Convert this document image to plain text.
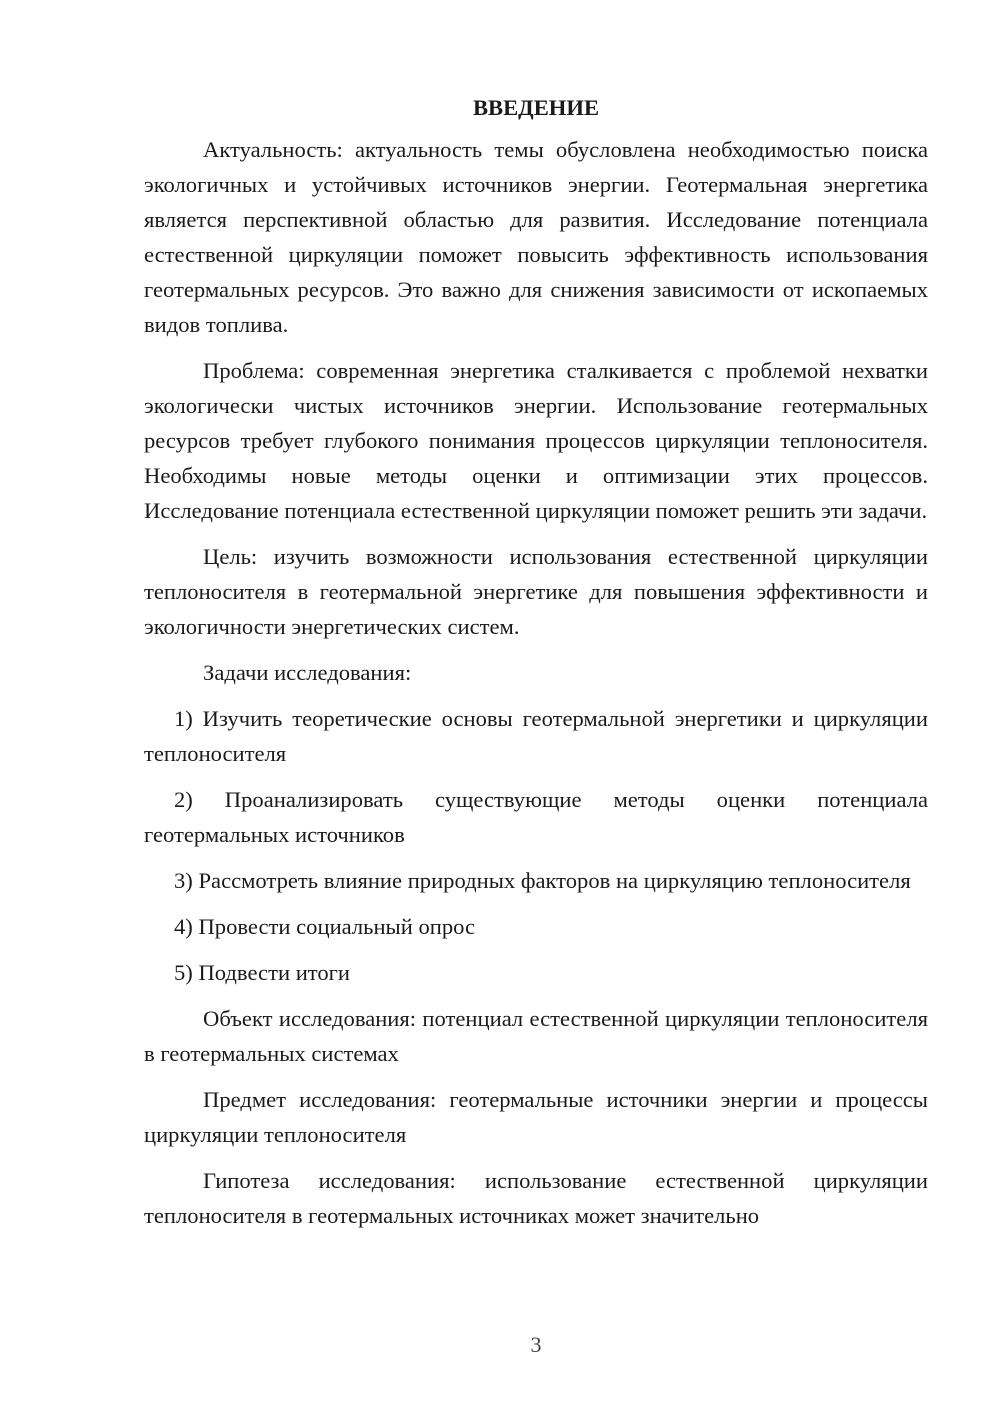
ВВЕДЕНИЕ

Актуальность: актуальность темы обусловлена необходимостью поиска экологичных и устойчивых источников энергии. Геотермальная энергетика является перспективной областью для развития. Исследование потенциала естественной циркуляции поможет повысить эффективность использования геотермальных ресурсов. Это важно для снижения зависимости от ископаемых видов топлива.

Проблема: современная энергетика сталкивается с проблемой нехватки экологически чистых источников энергии. Использование геотермальных ресурсов требует глубокого понимания процессов циркуляции теплоносителя. Необходимы новые методы оценки и оптимизации этих процессов. Исследование потенциала естественной циркуляции поможет решить эти задачи.

Цель: изучить возможности использования естественной циркуляции теплоносителя в геотермальной энергетике для повышения эффективности и экологичности энергетических систем.

Задачи исследования:

1) Изучить теоретические основы геотермальной энергетики и циркуляции теплоносителя

2) Проанализировать существующие методы оценки потенциала геотермальных источников

3) Рассмотреть влияние природных факторов на циркуляцию теплоносителя

4) Провести социальный опрос

5) Подвести итоги

Объект исследования: потенциал естественной циркуляции теплоносителя в геотермальных системах

Предмет исследования: геотермальные источники энергии и процессы циркуляции теплоносителя

Гипотеза исследования: использование естественной циркуляции теплоносителя в геотермальных источниках может значительно

3
